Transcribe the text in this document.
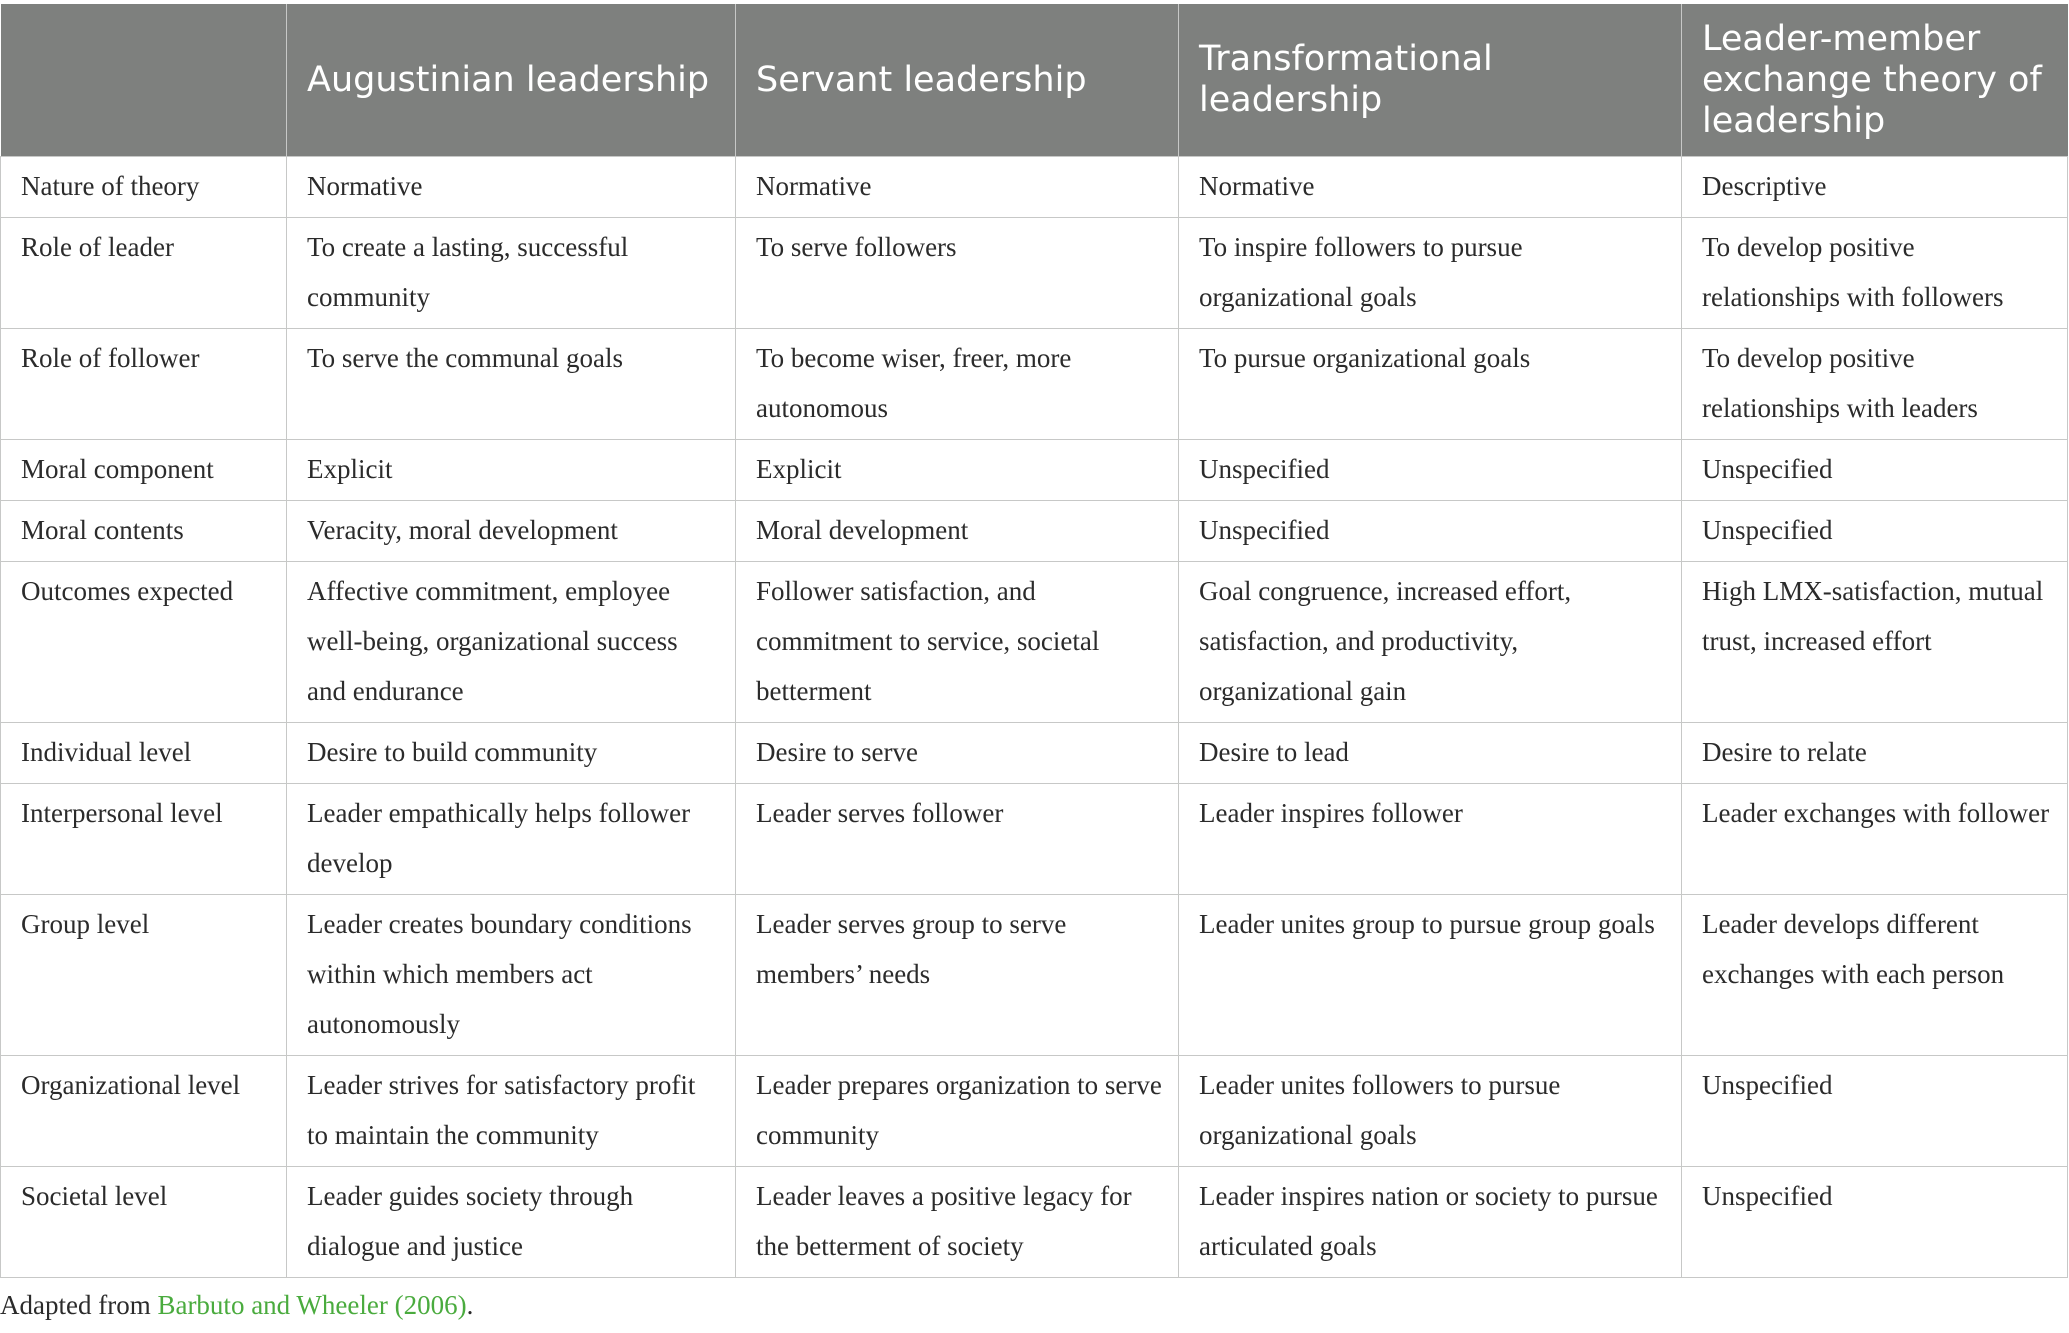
	Augustinian leadership	Servant leadership	Transformational leadership	Leader-member exchange theory of leadership
Nature of theory	Normative	Normative	Normative	Descriptive
Role of leader	To create a lasting, successful community	To serve followers	To inspire followers to pursue organizational goals	To develop positive relationships with followers
Role of follower	To serve the communal goals	To become wiser, freer, more autonomous	To pursue organizational goals	To develop positive relationships with leaders
Moral component	Explicit	Explicit	Unspecified	Unspecified
Moral contents	Veracity, moral development	Moral development	Unspecified	Unspecified
Outcomes expected	Affective commitment, employee well-being, organizational success and endurance	Follower satisfaction, and commitment to service, societal betterment	Goal congruence, increased effort, satisfaction, and productivity, organizational gain	High LMX-satisfaction, mutual trust, increased effort
Individual level	Desire to build community	Desire to serve	Desire to lead	Desire to relate
Interpersonal level	Leader empathically helps follower develop	Leader serves follower	Leader inspires follower	Leader exchanges with follower
Group level	Leader creates boundary conditions within which members act autonomously	Leader serves group to serve members’ needs	Leader unites group to pursue group goals	Leader develops different exchanges with each person
Organizational level	Leader strives for satisfactory profit to maintain the community	Leader prepares organization to serve community	Leader unites followers to pursue organizational goals	Unspecified
Societal level	Leader guides society through dialogue and justice	Leader leaves a positive legacy for the betterment of society	Leader inspires nation or society to pursue articulated goals	Unspecified

Adapted from Barbuto and Wheeler (2006).
